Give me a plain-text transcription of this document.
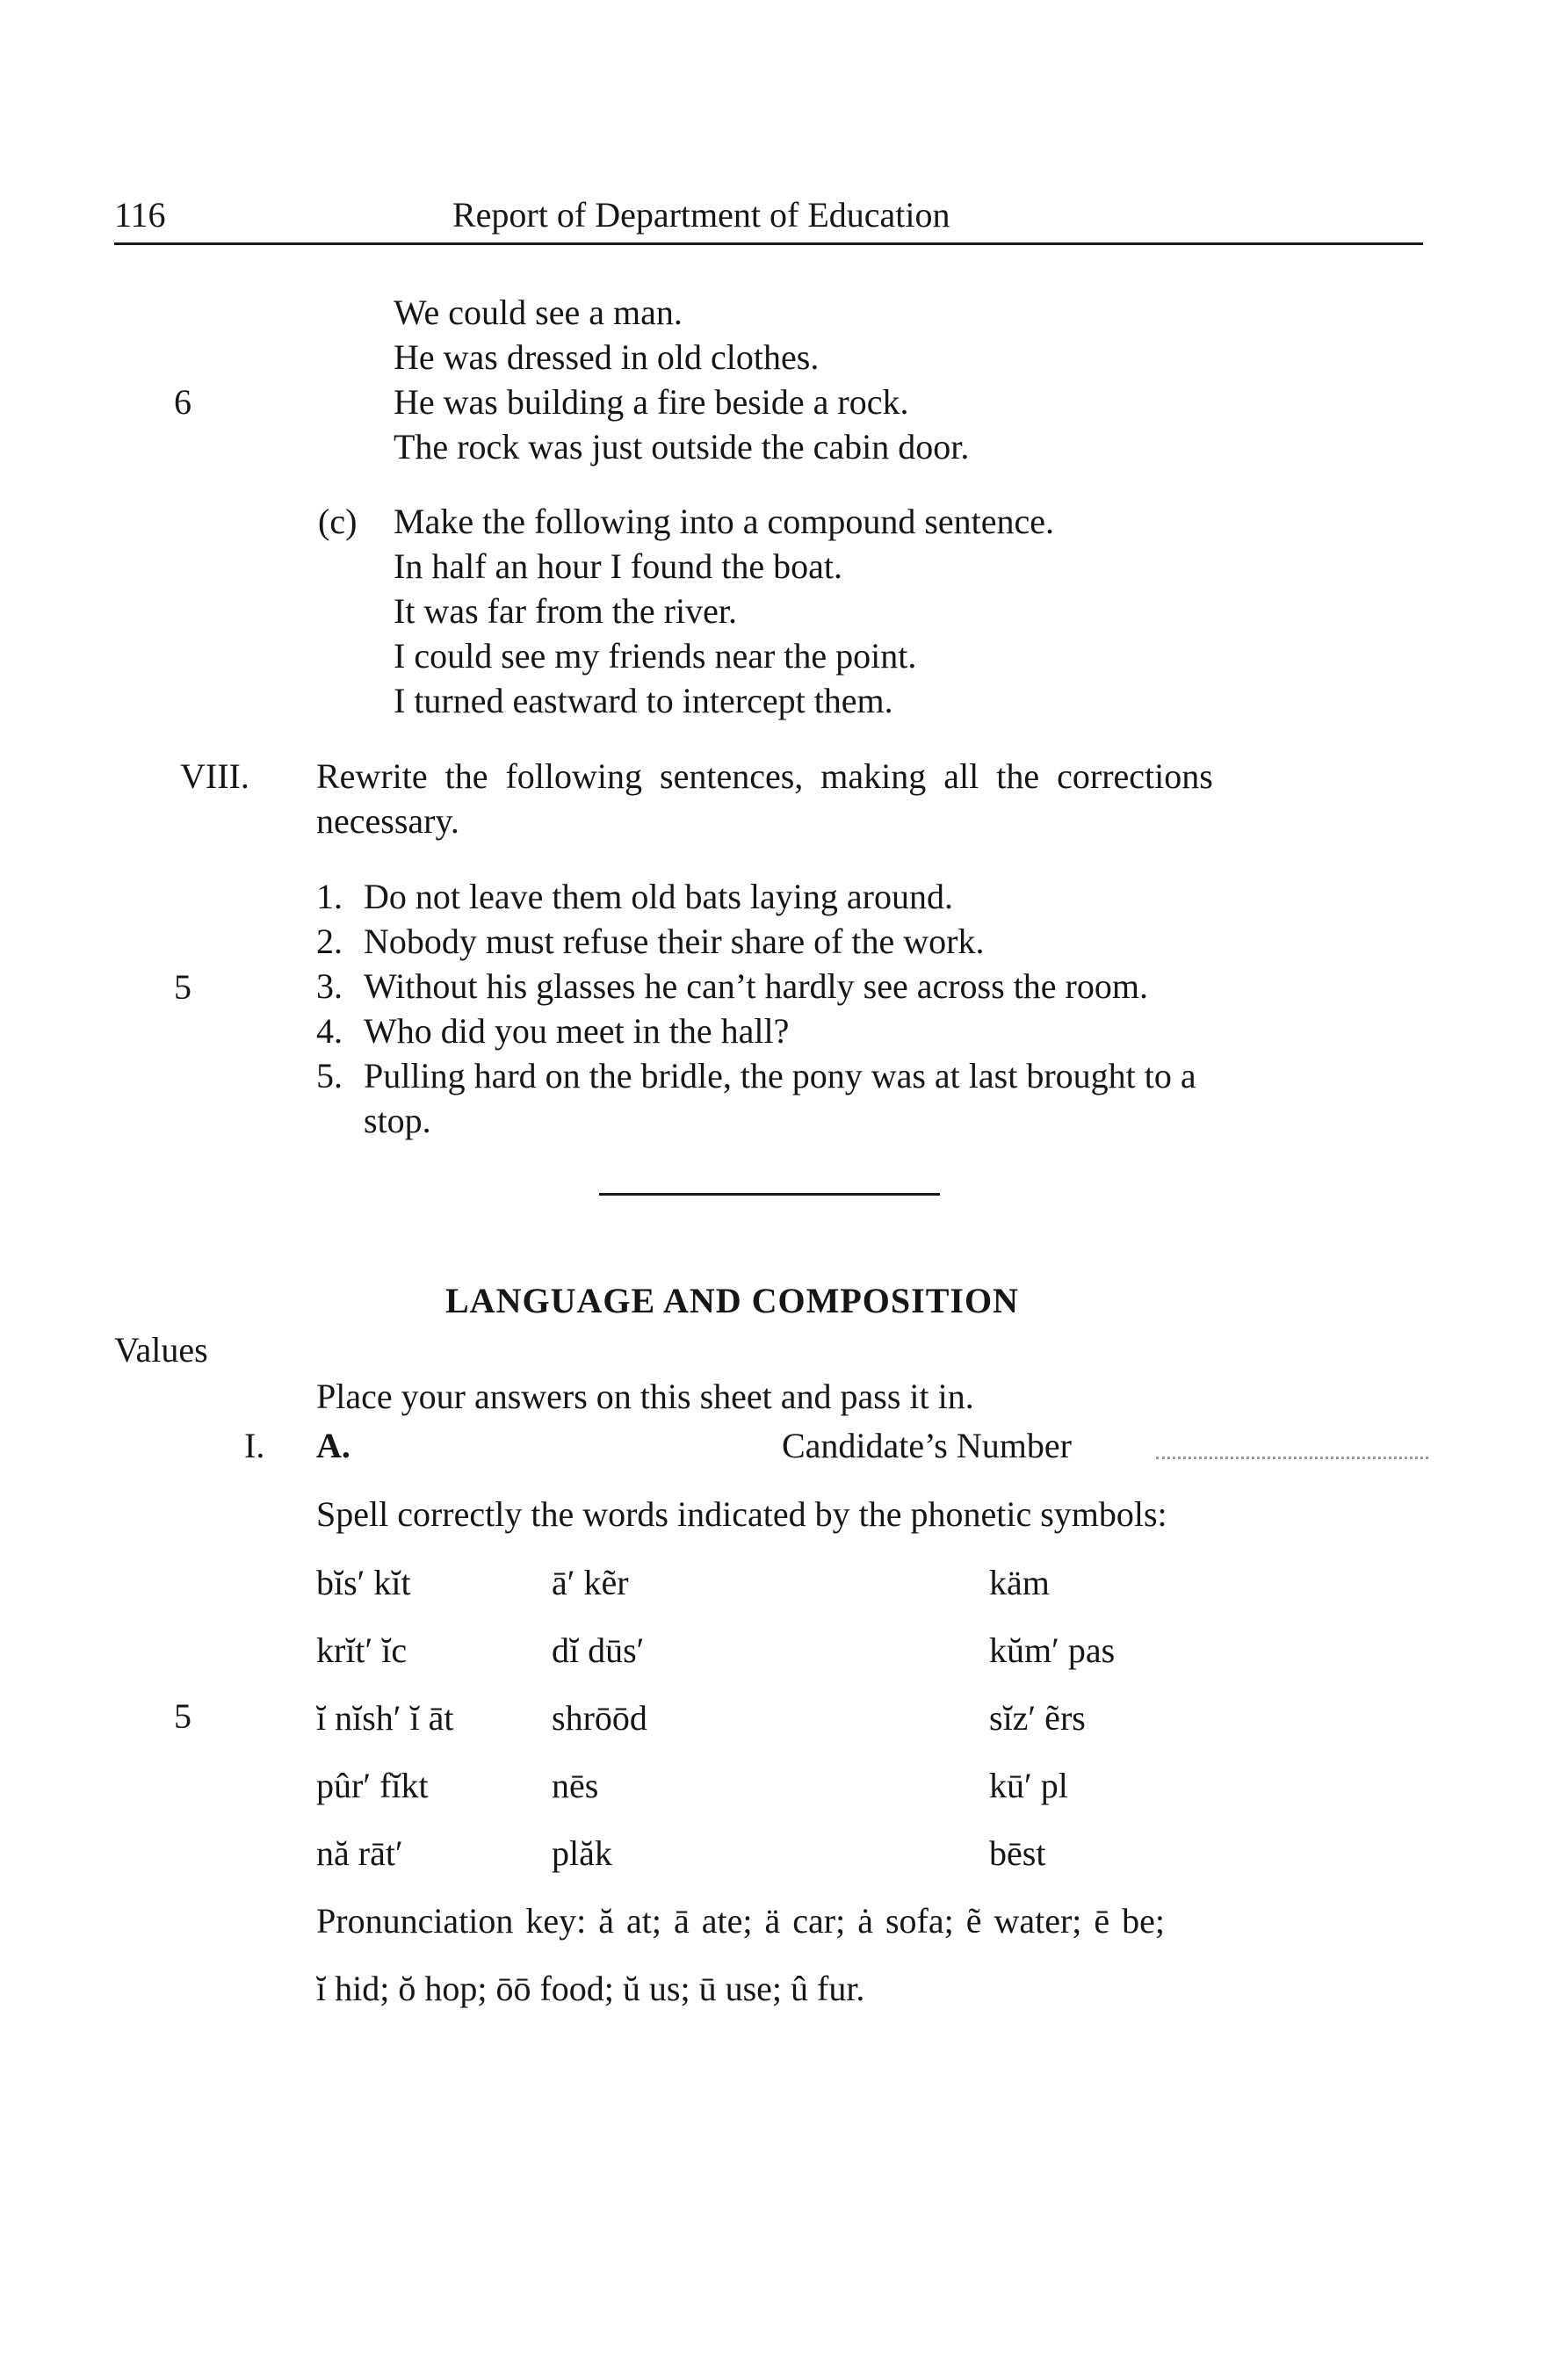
116	Report of Department of Education
6
We could see a man.
He was dressed in old clothes.
He was building a fire beside a rock.
The rock was just outside the cabin door.
(c) Make the following into a compound sentence.
In half an hour I found the boat.
It was far from the river.
I could see my friends near the point.
I turned eastward to intercept them.
VIII. Rewrite the following sentences, making all the corrections
necessary.
5
1. Do not leave them old bats laying around.
2. Nobody must refuse their share of the work.
3. Without his glasses he can’t hardly see across the room.
4. Who did you meet in the hall?
5. Pulling hard on the bridle, the pony was at last brought to a
stop.
LANGUAGE AND COMPOSITION
Values
Place your answers on this sheet and pass it in.
I. A.	Candidate’s Number
Spell correctly the words indicated by the phonetic symbols:
5
bĭs′ kĭt	ā′ kẽr	käm
krĭt′ ĭc	dĭ dūs′	kŭm′ pas
ĭ nĭsh′ ĭ āt	shrōōd	sĭz′ ẽrs
pûr′ fĭkt	nēs	kū′ pl
nă rāt′	plăk	bēst
Pronunciation key: ă at; ā ate; ä car; ȧ sofa; ẽ water; ē be;
ĭ hid; ŏ hop; ōō food; ŭ us; ū use; û fur.
